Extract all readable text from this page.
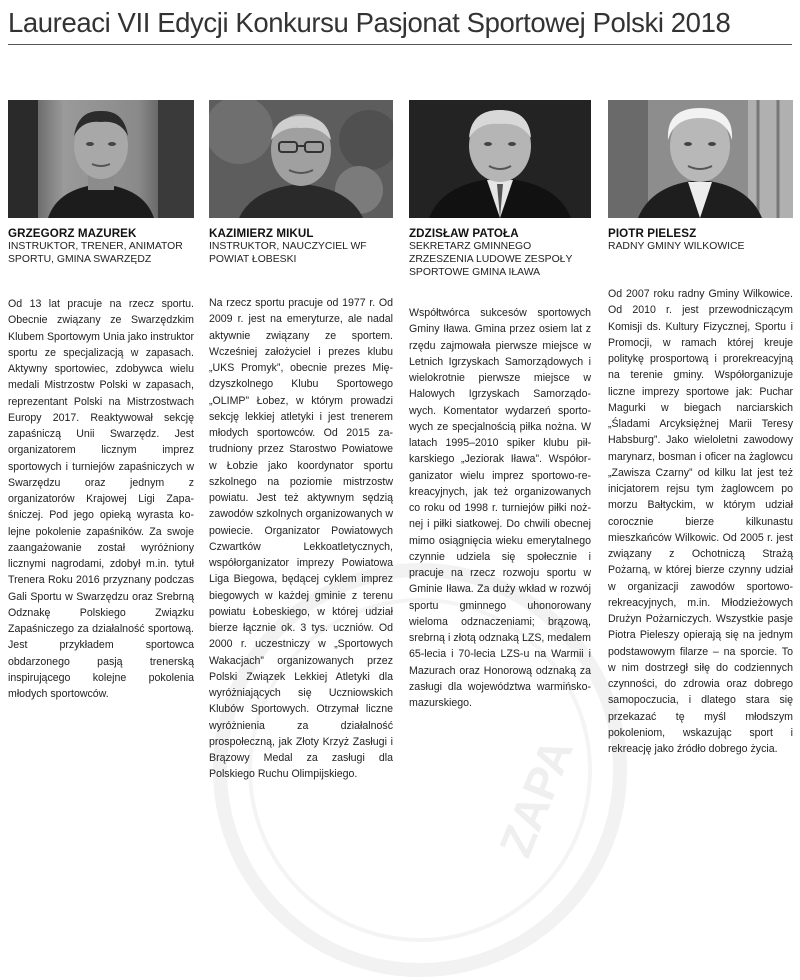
Laureaci VII Edycji Konkursu Pasjonat Sportowej Polski 2018
ZAPA
GRZEGORZ MAZUREK
INSTRUKTOR, TRENER, ANIMATOR SPORTU, GMINA SWARZĘDZ
Od 13 lat pracuje na rzecz sportu. Obecnie związany ze Swarzędzkim Klubem Sportowym Unia jako instruktor sportu ze specjalizacją w zapasach. Aktywny sportowiec, zdobywca wielu medali Mistrzostw Polski w zapasach, reprezentant Polski na Mistrzostwach Europy 2017. Reaktywował sekcję zapaśniczą Unii Swarzędz. Jest organizatorem licznym imprez sportowych i turniejów zapaśniczych w Swarzędzu oraz jednym z organizatorów Krajowej Ligi Zapaśniczej. Pod jego opieką wyrasta kolejne pokolenie zapaśników. Za swoje zaangażowanie został wyróżniony licznymi nagrodami, zdobył m.in. tytuł Trenera Roku 2016 przyznany podczas Gali Sportu w Swarzędzu oraz Srebrną Odznakę Polskiego Związku Zapaśniczego za działalność sportową. Jest przykładem sportowca obdarzonego pasją trenerską inspirującego kolejne pokolenia młodych sportowców.
KAZIMIERZ MIKUL
INSTRUKTOR, NAUCZYCIEL WF POWIAT ŁOBESKI
Na rzecz sportu pracuje od 1977 r. Od 2009 r. jest na emeryturze, ale nadal aktywnie związany ze sportem. Wcześniej założyciel i prezes klubu „UKS Promyk”, obecnie prezes Międzyszkolnego Klubu Sportowego „OLIMP” Łobez, w którym prowadzi sekcję lekkiej atletyki i jest trenerem młodych sportowców. Od 2015 zatrudniony przez Starostwo Powiatowe w Łobzie jako koordynator sportu szkolnego na poziomie mistrzostw powiatu. Jest też aktywnym sędzią zawodów szkolnych organizowanych w powiecie. Organizator Powiatowych Czwartków Lekkoatletycznych, współorganizator imprezy Powiatowa Liga Biegowa, będącej cyklem imprez biegowych w każdej gminie z terenu powiatu Łobeskiego, w której udział bierze łącznie ok. 3 tys. uczniów. Od 2000 r. uczestniczy w „Sportowych Wakacjach” organizowanych przez Polski Związek Lekkiej Atletyki dla wyróżniających się Uczniowskich Klubów Sportowych. Otrzymał liczne wyróżnienia za działalność prospołeczną, jak Złoty Krzyż Zasługi i Brązowy Medal za zasługi dla Polskiego Ruchu Olimpijskiego.
ZDZISŁAW PATOŁA
SEKRETARZ GMINNEGO ZRZESZENIA LUDOWE ZESPOŁY SPORTOWE GMINA IŁAWA
Współtwórca sukcesów sportowych Gminy Iława. Gmina przez osiem lat z rzędu zajmowała pierwsze miejsce w Letnich Igrzyskach Samorządowych i wielokrotnie pierwsze miejsce w Halowych Igrzyskach Samorządowych. Komentator wydarzeń sportowych ze specjalnością piłka nożna. W latach 1995–2010 spiker klubu piłkarskiego „Jeziorak Iława”. Współorganizator wielu imprez sportowo-rekreacyjnych, jak też organizowanych co roku od 1998 r. turniejów piłki nożnej i piłki siatkowej. Do chwili obecnej mimo osiągnięcia wieku emerytalnego czynnie udziela się społecznie i pracuje na rzecz rozwoju sportu w Gminie Iława. Za duży wkład w rozwój sportu gminnego uhonorowany wieloma odznaczeniami; brązową, srebrną i złotą odznaką LZS, medalem 65-lecia i 70-lecia LZS-u na Warmii i Mazurach oraz Honorową odznaką za zasługi dla województwa warmińsko-mazurskiego.
PIOTR PIELESZ
RADNY GMINY WILKOWICE
Od 2007 roku radny Gminy Wilkowice. Od 2010 r. jest przewodniczącym Komisji ds. Kultury Fizycznej, Sportu i Promocji, w ramach której kreuje politykę prosportową i prorekreacyjną na terenie gminy. Współorganizuje liczne imprezy sportowe jak: Puchar Magurki w biegach narciarskich „Śladami Arcyksiężnej Marii Teresy Habsburg”. Jako wieloletni zawodowy marynarz, bosman i oficer na żaglowcu „Zawisza Czarny” od kilku lat jest też inicjatorem rejsu tym żaglowcem po morzu Bałtyckim, w którym udział corocznie bierze kilkunastu mieszkańców Wilkowic. Od 2005 r. jest związany z Ochotniczą Strażą Pożarną, w której bierze czynny udział w organizacji zawodów sportowo-rekreacyjnych, m.in. Młodzieżowych Drużyn Pożarniczych. Wszystkie pasje Piotra Pieleszy opierają się na jednym podstawowym filarze – na sporcie. To w nim dostrzegł siłę do codziennych czynności, do zdrowia oraz dobrego samopoczucia, i dlatego stara się przekazać tę myśl młodszym pokoleniom, wskazując sport i rekreację jako źródło dobrego życia.
